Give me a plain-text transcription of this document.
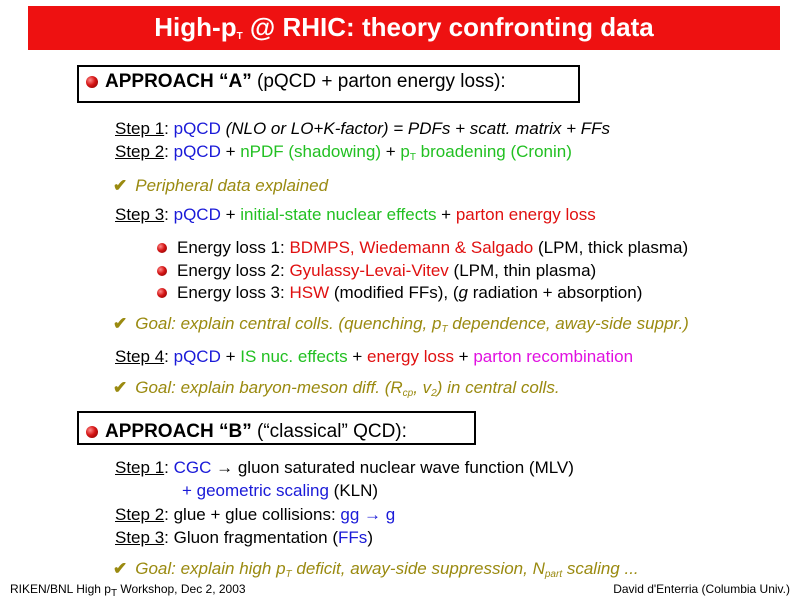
High-$p_T$ @ RHIC: theory confronting data
APPROACH “A” (pQCD + parton energy loss):
Step 1: pQCD (NLO or LO+K-factor) = PDFs + scatt. matrix + FFs
Step 2: pQCD + nPDF (shadowing) + $p_T$ broadening (Cronin)
✔ Peripheral data explained
Step 3: pQCD + initial-state nuclear effects + parton energy loss
Energy loss 1: BDMPS, Wiedemann & Salgado (LPM, thick plasma)
Energy loss 2: Gyulassy-Levai-Vitev (LPM, thin plasma)
Energy loss 3: HSW (modified FFs), (g radiation + absorption)
✔ Goal: explain central colls. (quenching, $p_T$ dependence, away-side suppr.)
Step 4: pQCD + IS nuc. effects + energy loss + parton recombination
✔ Goal: explain baryon-meson diff. ($R_{cp}$, $v_2$) in central colls.
APPROACH “B” (“classical” QCD):
Step 1: CGC → gluon saturated nuclear wave function (MLV)
+ geometric scaling (KLN)
Step 2: glue + glue collisions: gg → g
Step 3: Gluon fragmentation (FFs)
✔ Goal: explain high $p_T$ deficit, away-side suppression, $N_{part}$ scaling ...
RIKEN/BNL High $p_T$ Workshop, Dec 2, 2003	David d'Enterria (Columbia Univ.)
